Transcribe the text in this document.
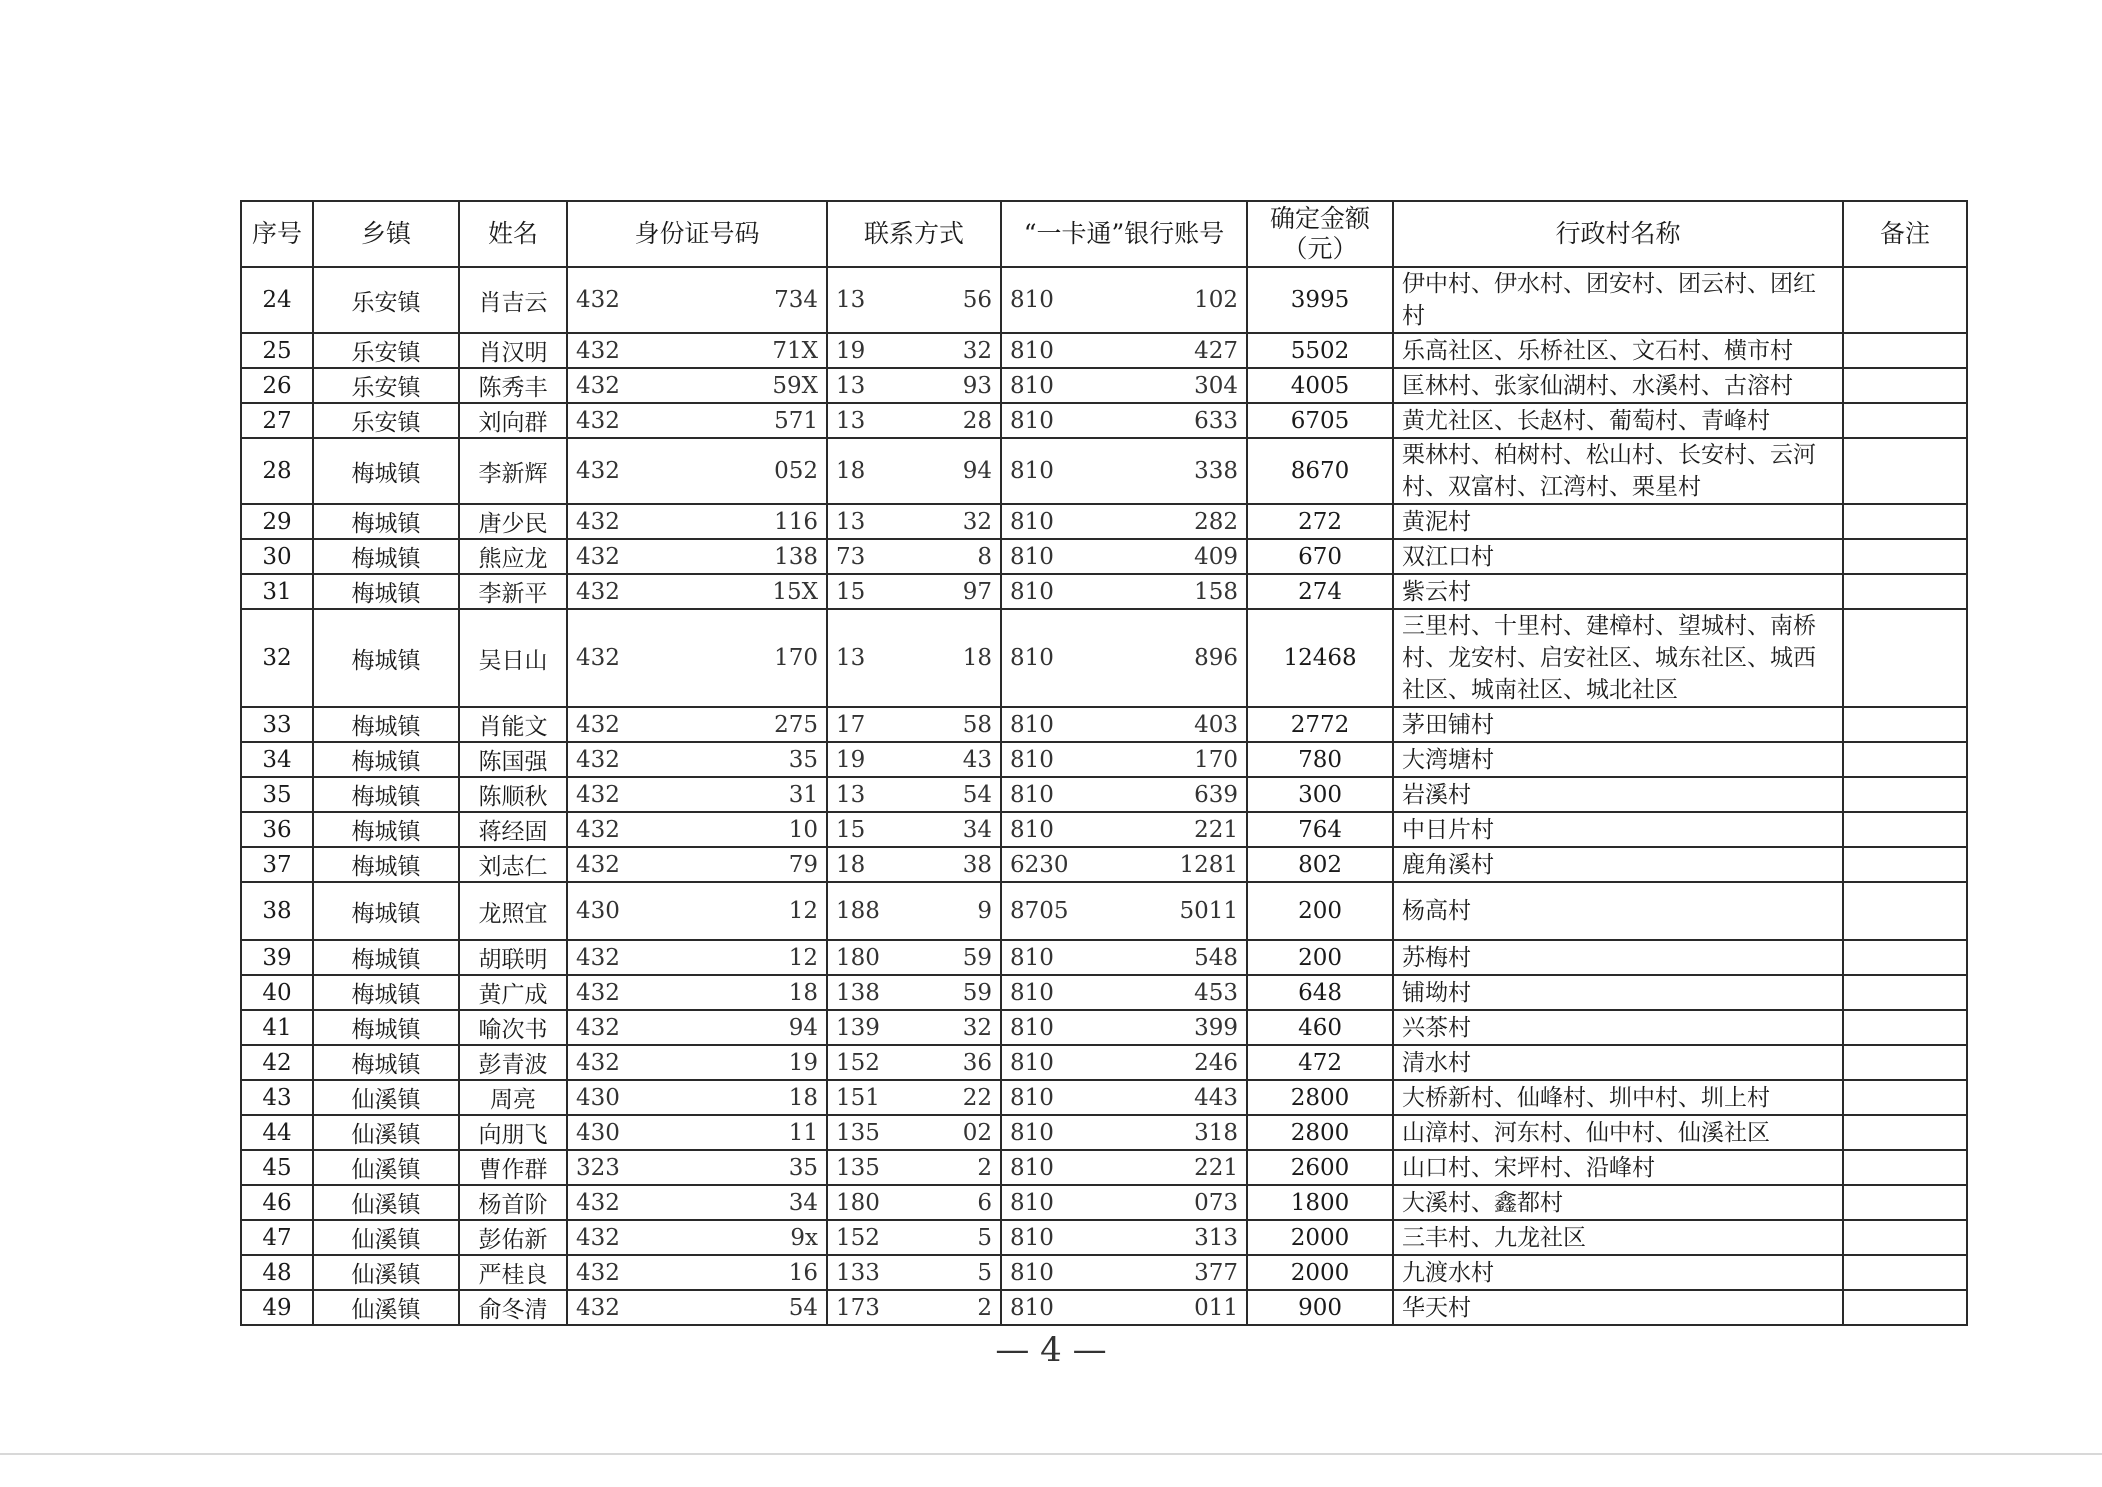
序号	乡镇	姓名	身份证号码		联系方式		“一卡通”银行账号		确定金额（元）	行政村名称	备注
24	乐安镇	肖吉云	432	734	13	56	810	102	3995	伊中村、伊水村、团安村、团云村、团红村	
25	乐安镇	肖汉明	432	71X	19	32	810	427	5502	乐高社区、乐桥社区、文石村、横市村	
26	乐安镇	陈秀丰	432	59X	13	93	810	304	4005	匡林村、张家仙湖村、水溪村、古溶村	
27	乐安镇	刘向群	432	571	13	28	810	633	6705	黄尤社区、长赵村、葡萄村、青峰村	
28	梅城镇	李新辉	432	052	18	94	810	338	8670	栗林村、柏树村、松山村、长安村、云河村、双富村、江湾村、栗星村	
29	梅城镇	唐少民	432	116	13	32	810	282	272	黄泥村	
30	梅城镇	熊应龙	432	138	73	8	810	409	670	双江口村	
31	梅城镇	李新平	432	15X	15	97	810	158	274	紫云村	
32	梅城镇	吴日山	432	170	13	18	810	896	12468	三里村、十里村、建樟村、望城村、南桥村、龙安村、启安社区、城东社区、城西社区、城南社区、城北社区	
33	梅城镇	肖能文	432	275	17	58	810	403	2772	茅田铺村	
34	梅城镇	陈国强	432	35	19	43	810	170	780	大湾塘村	
35	梅城镇	陈顺秋	432	31	13	54	810	639	300	岩溪村	
36	梅城镇	蒋经固	432	10	15	34	810	221	764	中日片村	
37	梅城镇	刘志仁	432	79	18	38	6230	1281	802	鹿角溪村	
38	梅城镇	龙照宜	430	12	188	9	8705	5011	200	杨高村	
39	梅城镇	胡联明	432	12	180	59	810	548	200	苏梅村	
40	梅城镇	黄广成	432	18	138	59	810	453	648	铺坳村	
41	梅城镇	喻次书	432	94	139	32	810	399	460	兴茶村	
42	梅城镇	彭青波	432	19	152	36	810	246	472	清水村	
43	仙溪镇	周亮	430	18	151	22	810	443	2800	大桥新村、仙峰村、圳中村、圳上村	
44	仙溪镇	向朋飞	430	11	135	02	810	318	2800	山漳村、河东村、仙中村、仙溪社区	
45	仙溪镇	曹作群	323	35	135	2	810	221	2600	山口村、宋坪村、沿峰村	
46	仙溪镇	杨首阶	432	34	180	6	810	073	1800	大溪村、鑫都村	
47	仙溪镇	彭佑新	432	9x	152	5	810	313	2000	三丰村、九龙社区	
48	仙溪镇	严桂良	432	16	133	5	810	377	2000	九渡水村	
49	仙溪镇	俞冬清	432	54	173	2	810	011	900	华天村	
— 4 —
